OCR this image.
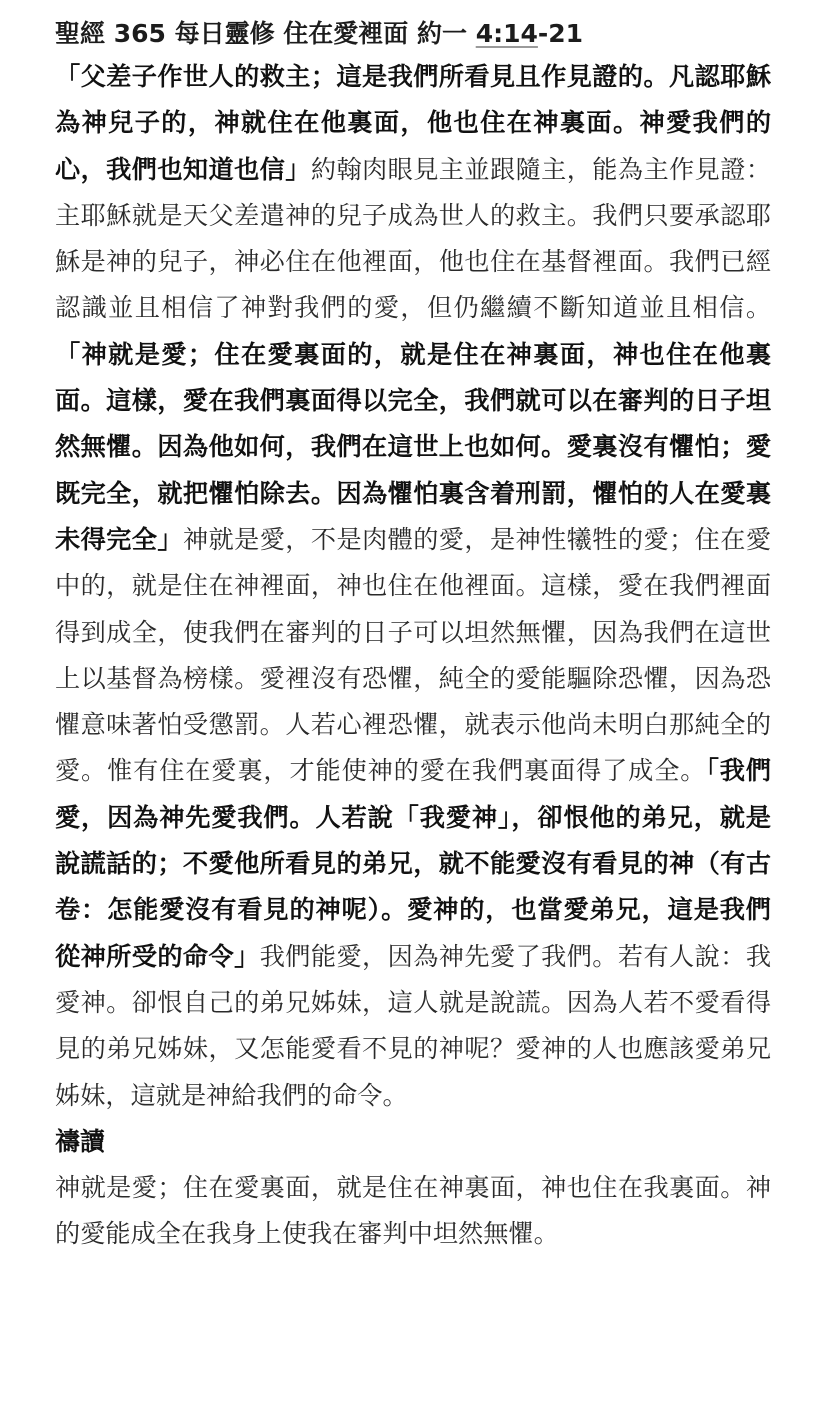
聖經 365 每日靈修 住在愛裡面 約一 4:14-21

「父差子作世人的救主；這是我們所看見且作見證的。凡認耶穌為神兒子的，神就住在他裏面，他也住在神裏面。神愛我們的心，我們也知道也信」約翰肉眼見主並跟隨主，能為主作見證：主耶穌就是天父差遣神的兒子成為世人的救主。我們只要承認耶穌是神的兒子，神必住在他裡面，他也住在基督裡面。我們已經認識並且相信了神對我們的愛，但仍繼續不斷知道並且相信。「神就是愛；住在愛裏面的，就是住在神裏面，神也住在他裏面。這樣，愛在我們裏面得以完全，我們就可以在審判的日子坦然無懼。因為他如何，我們在這世上也如何。愛裏沒有懼怕；愛既完全，就把懼怕除去。因為懼怕裏含着刑罰，懼怕的人在愛裏未得完全」神就是愛，不是肉體的愛，是神性犧牲的愛；住在愛中的，就是住在神裡面，神也住在他裡面。這樣，愛在我們裡面得到成全，使我們在審判的日子可以坦然無懼，因為我們在這世上以基督為榜樣。愛裡沒有恐懼，純全的愛能驅除恐懼，因為恐懼意味著怕受懲罰。人若心裡恐懼，就表示他尚未明白那純全的愛。惟有住在愛裏，才能使神的愛在我們裏面得了成全。「我們愛，因為神先愛我們。人若說「我愛神」，卻恨他的弟兄，就是說謊話的；不愛他所看見的弟兄，就不能愛沒有看見的神（有古卷：怎能愛沒有看見的神呢）。愛神的，也當愛弟兄，這是我們從神所受的命令」我們能愛，因為神先愛了我們。若有人說：我愛神。卻恨自己的弟兄姊妹，這人就是說謊。因為人若不愛看得見的弟兄姊妹，又怎能愛看不見的神呢？愛神的人也應該愛弟兄姊妹，這就是神給我們的命令。

禱讀

神就是愛；住在愛裏面，就是住在神裏面，神也住在我裏面。神的愛能成全在我身上使我在審判中坦然無懼。
